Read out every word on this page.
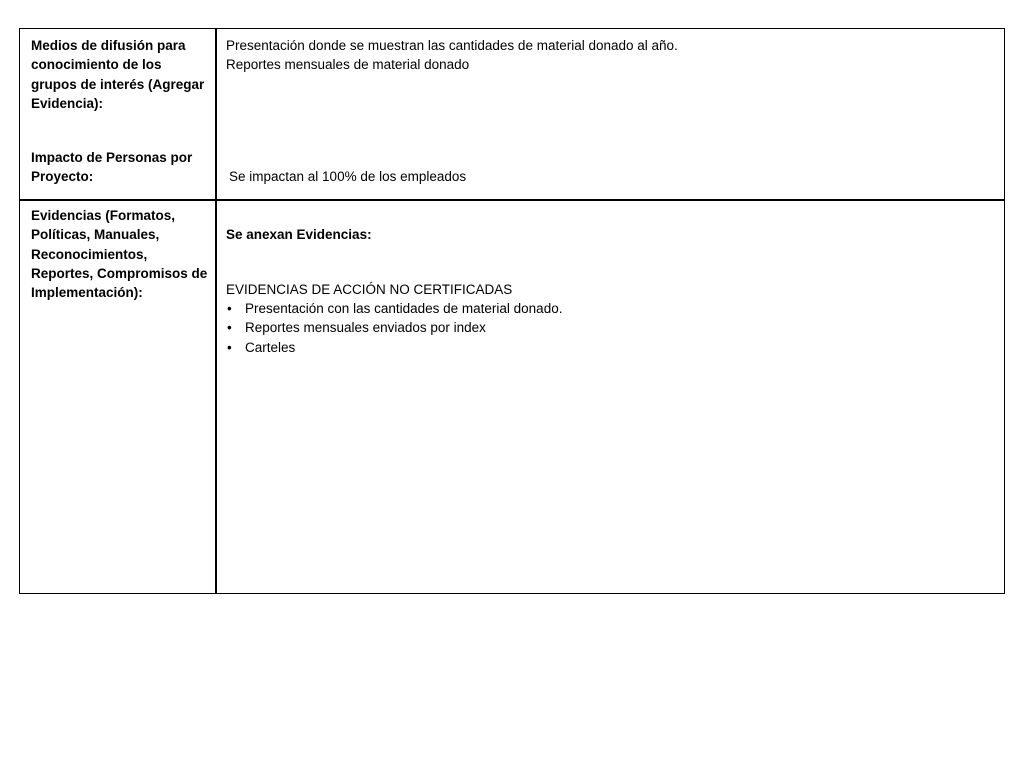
Medios de difusión para conocimiento de los grupos de interés (Agregar Evidencia):

Impacto de Personas por Proyecto:

Presentación donde se muestran las cantidades de material donado al año.

Reportes mensuales de material donado

Se impactan al 100% de los empleados

Evidencias (Formatos, Políticas, Manuales, Reconocimientos, Reportes, Compromisos de Implementación):

Se anexan Evidencias:

EVIDENCIAS DE ACCIÓN NO CERTIFICADAS

• Presentación con las cantidades de material donado.
• Reportes mensuales enviados por index
• Carteles
